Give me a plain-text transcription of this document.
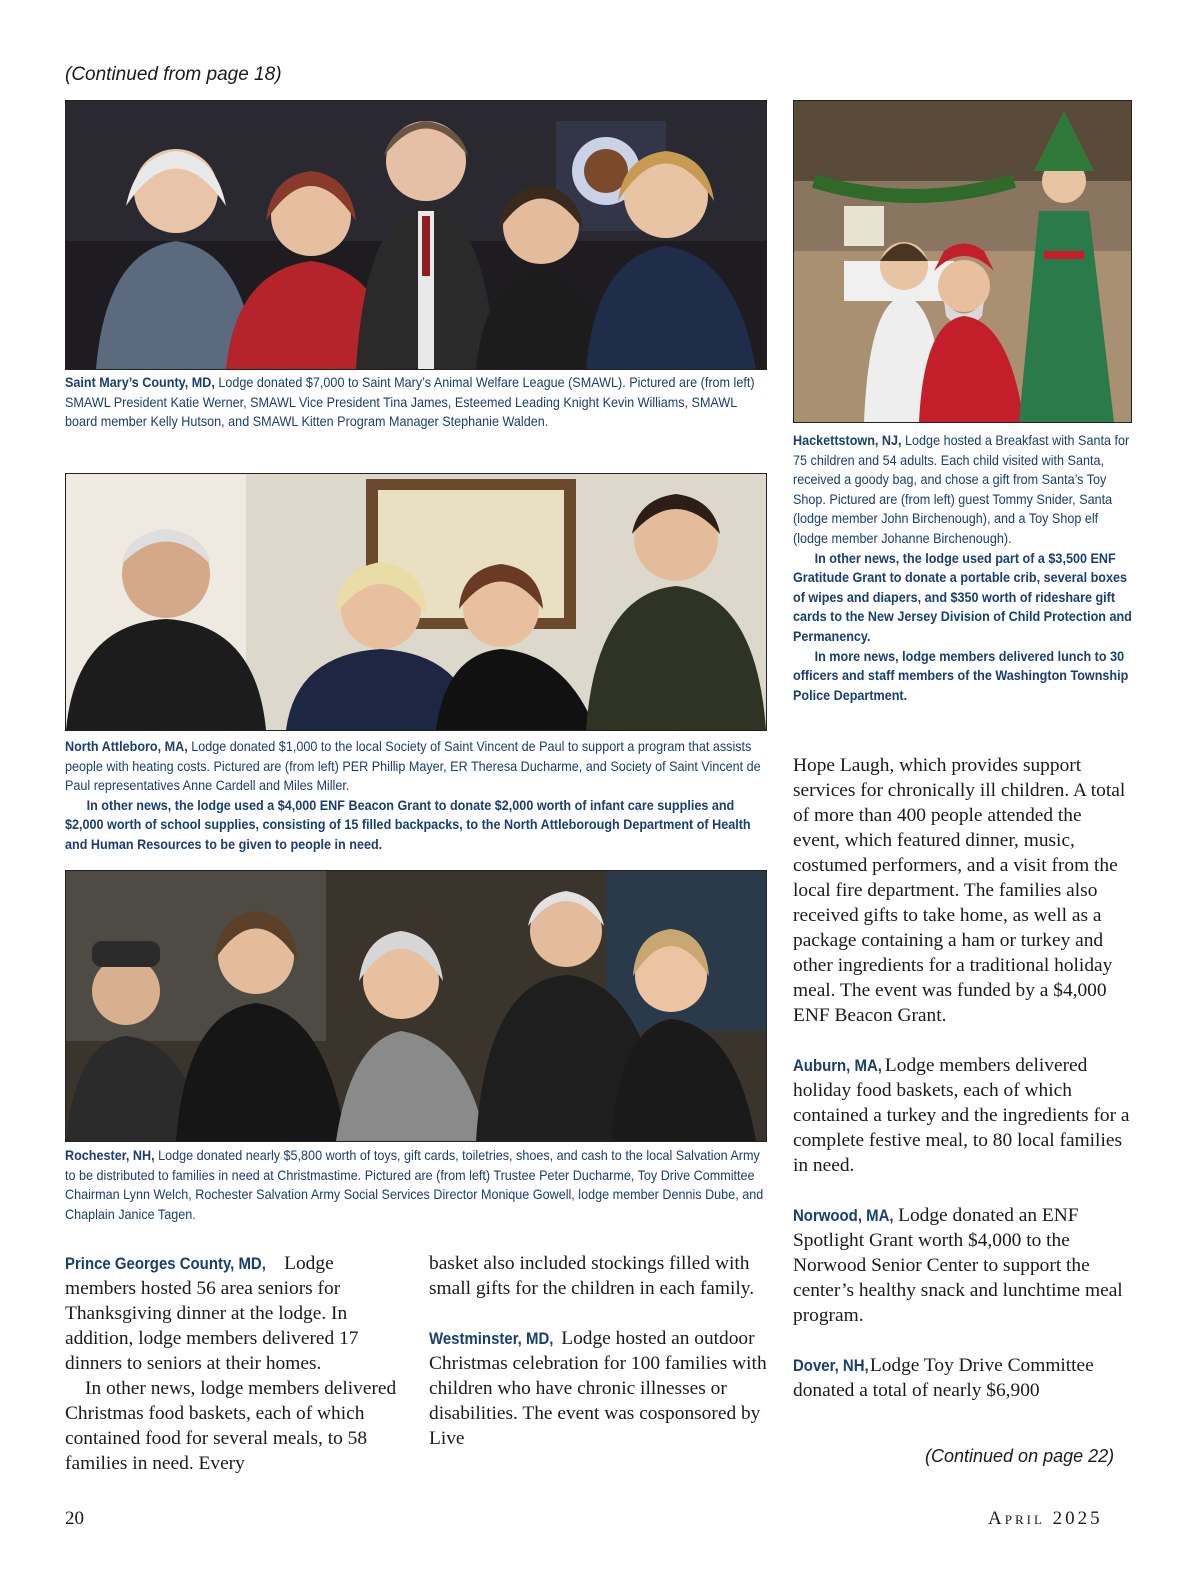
(Continued from page 18)

Saint Mary’s County, MD, Lodge donated $7,000 to Saint Mary’s Animal Welfare League (SMAWL). Pictured are (from left) SMAWL President Katie Werner, SMAWL Vice President Tina James, Esteemed Leading Knight Kevin Williams, SMAWL board member Kelly Hutson, and SMAWL Kitten Program Manager Stephanie Walden.

Hackettstown, NJ, Lodge hosted a Breakfast with Santa for 75 children and 54 adults. Each child visited with Santa, received a goody bag, and chose a gift from Santa’s Toy Shop. Pictured are (from left) guest Tommy Snider, Santa (lodge member John Birchenough), and a Toy Shop elf (lodge member Johanne Birchenough).

In other news, the lodge used part of a $3,500 ENF Gratitude Grant to donate a portable crib, several boxes of wipes and diapers, and $350 worth of rideshare gift cards to the New Jersey Division of Child Protection and Permanency.

In more news, lodge members delivered lunch to 30 officers and staff members of the Washington Township Police Department.

North Attleboro, MA, Lodge donated $1,000 to the local Society of Saint Vincent de Paul to support a program that assists people with heating costs. Pictured are (from left) PER Phillip Mayer, ER Theresa Ducharme, and Society of Saint Vincent de Paul representatives Anne Cardell and Miles Miller.

In other news, the lodge used a $4,000 ENF Beacon Grant to donate $2,000 worth of infant care supplies and $2,000 worth of school supplies, consisting of 15 filled backpacks, to the North Attleborough Department of Health and Human Resources to be given to people in need.

Rochester, NH, Lodge donated nearly $5,800 worth of toys, gift cards, toiletries, shoes, and cash to the local Salvation Army to be distributed to families in need at Christmastime. Pictured are (from left) Trustee Peter Ducharme, Toy Drive Committee Chairman Lynn Welch, Rochester Salvation Army Social Services Director Monique Gowell, lodge member Dennis Dube, and Chaplain Janice Tagen.

Prince Georges County, MD, Lodge members hosted 56 area seniors for Thanksgiving dinner at the lodge. In addition, lodge members delivered 17 dinners to seniors at their homes.

In other news, lodge members delivered Christmas food baskets, each of which contained food for several meals, to 58 families in need. Every

basket also included stockings filled with small gifts for the children in each family.

Westminster, MD, Lodge hosted an outdoor Christmas celebration for 100 families with children who have chronic illnesses or disabilities. The event was cosponsored by Live

Hope Laugh, which provides support services for chronically ill children. A total of more than 400 people attended the event, which featured dinner, music, costumed performers, and a visit from the local fire department. The families also received gifts to take home, as well as a package containing a ham or turkey and other ingredients for a traditional holiday meal. The event was funded by a $4,000 ENF Beacon Grant.

Auburn, MA, Lodge members delivered holiday food baskets, each of which contained a turkey and the ingredients for a complete festive meal, to 80 local families in need.

Norwood, MA, Lodge donated an ENF Spotlight Grant worth $4,000 to the Norwood Senior Center to support the center’s healthy snack and lunchtime meal program.

Dover, NH, Lodge Toy Drive Committee donated a total of nearly $6,900

(Continued on page 22)
20	April 2025
